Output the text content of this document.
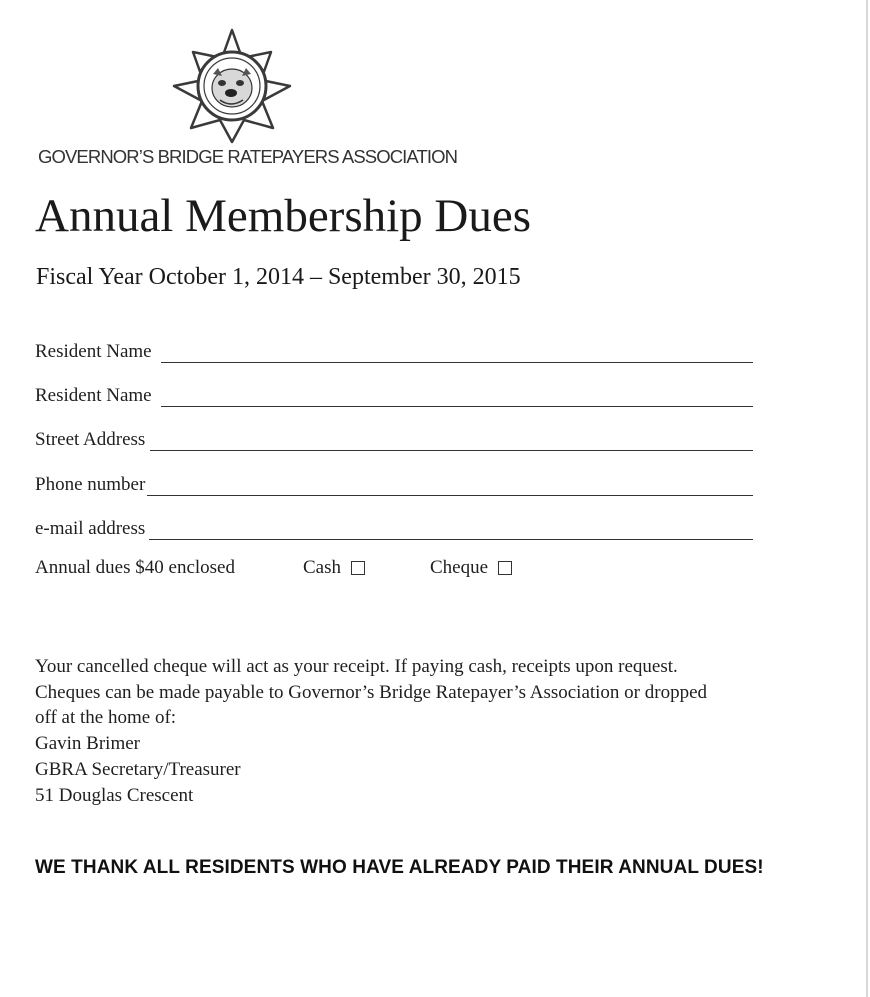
GOVERNOR’S BRIDGE RATEPAYERS ASSOCIATION
Annual Membership Dues
Fiscal Year October 1, 2014 – September 30, 2015
Resident Name
Resident Name
Street Address
Phone number
e-mail address
Annual dues $40 enclosed	Cash	Cheque
Your cancelled cheque will act as your receipt. If paying cash, receipts upon request.
Cheques can be made payable to Governor’s Bridge Ratepayer’s Association or dropped
off at the home of:
Gavin Brimer
GBRA Secretary/Treasurer
51 Douglas Crescent
WE THANK ALL RESIDENTS WHO HAVE ALREADY PAID THEIR ANNUAL DUES!
